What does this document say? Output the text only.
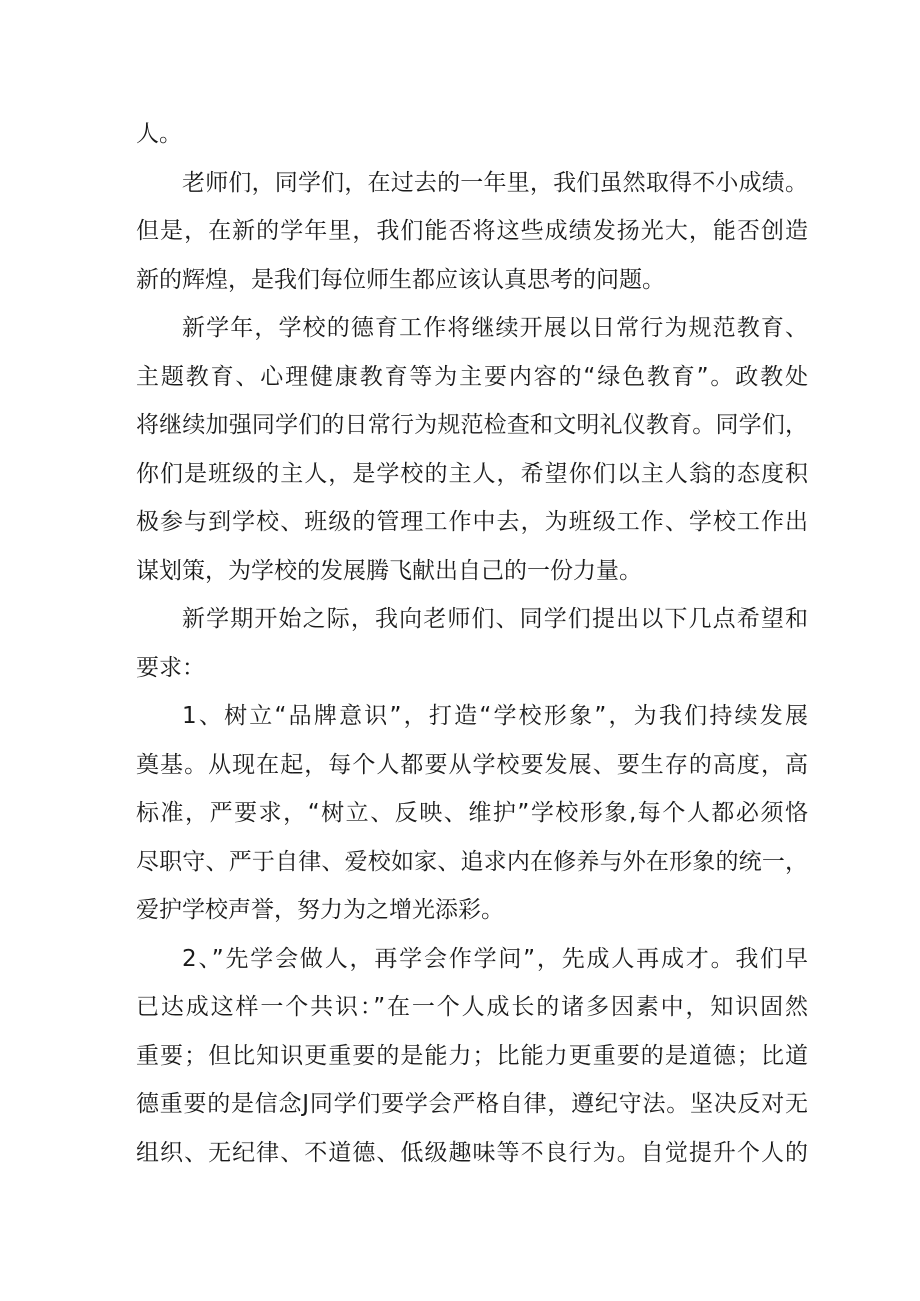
人。
老师们，同学们，在过去的一年里，我们虽然取得不小成绩。
但是，在新的学年里，我们能否将这些成绩发扬光大，能否创造
新的辉煌，是我们每位师生都应该认真思考的问题。
新学年，学校的德育工作将继续开展以日常行为规范教育、
主题教育、心理健康教育等为主要内容的“绿色教育”。政教处
将继续加强同学们的日常行为规范检查和文明礼仪教育。同学们，
你们是班级的主人，是学校的主人，希望你们以主人翁的态度积
极参与到学校、班级的管理工作中去，为班级工作、学校工作出
谋划策，为学校的发展腾飞献出自己的一份力量。
新学期开始之际，我向老师们、同学们提出以下几点希望和
要求：
1、树立“品牌意识”，打造“学校形象”，为我们持续发展
奠基。从现在起，每个人都要从学校要发展、要生存的高度，高
标准，严要求，“树立、反映、维护”学校形象,每个人都必须恪
尽职守、严于自律、爱校如家、追求内在修养与外在形象的统一，
爱护学校声誉，努力为之增光添彩。
2、”先学会做人，再学会作学问”，先成人再成才。我们早
已达成这样一个共识：”在一个人成长的诸多因素中，知识固然
重要；但比知识更重要的是能力；比能力更重要的是道德；比道
德重要的是信念J同学们要学会严格自律，遵纪守法。坚决反对无
组织、无纪律、不道德、低级趣味等不良行为。自觉提升个人的
